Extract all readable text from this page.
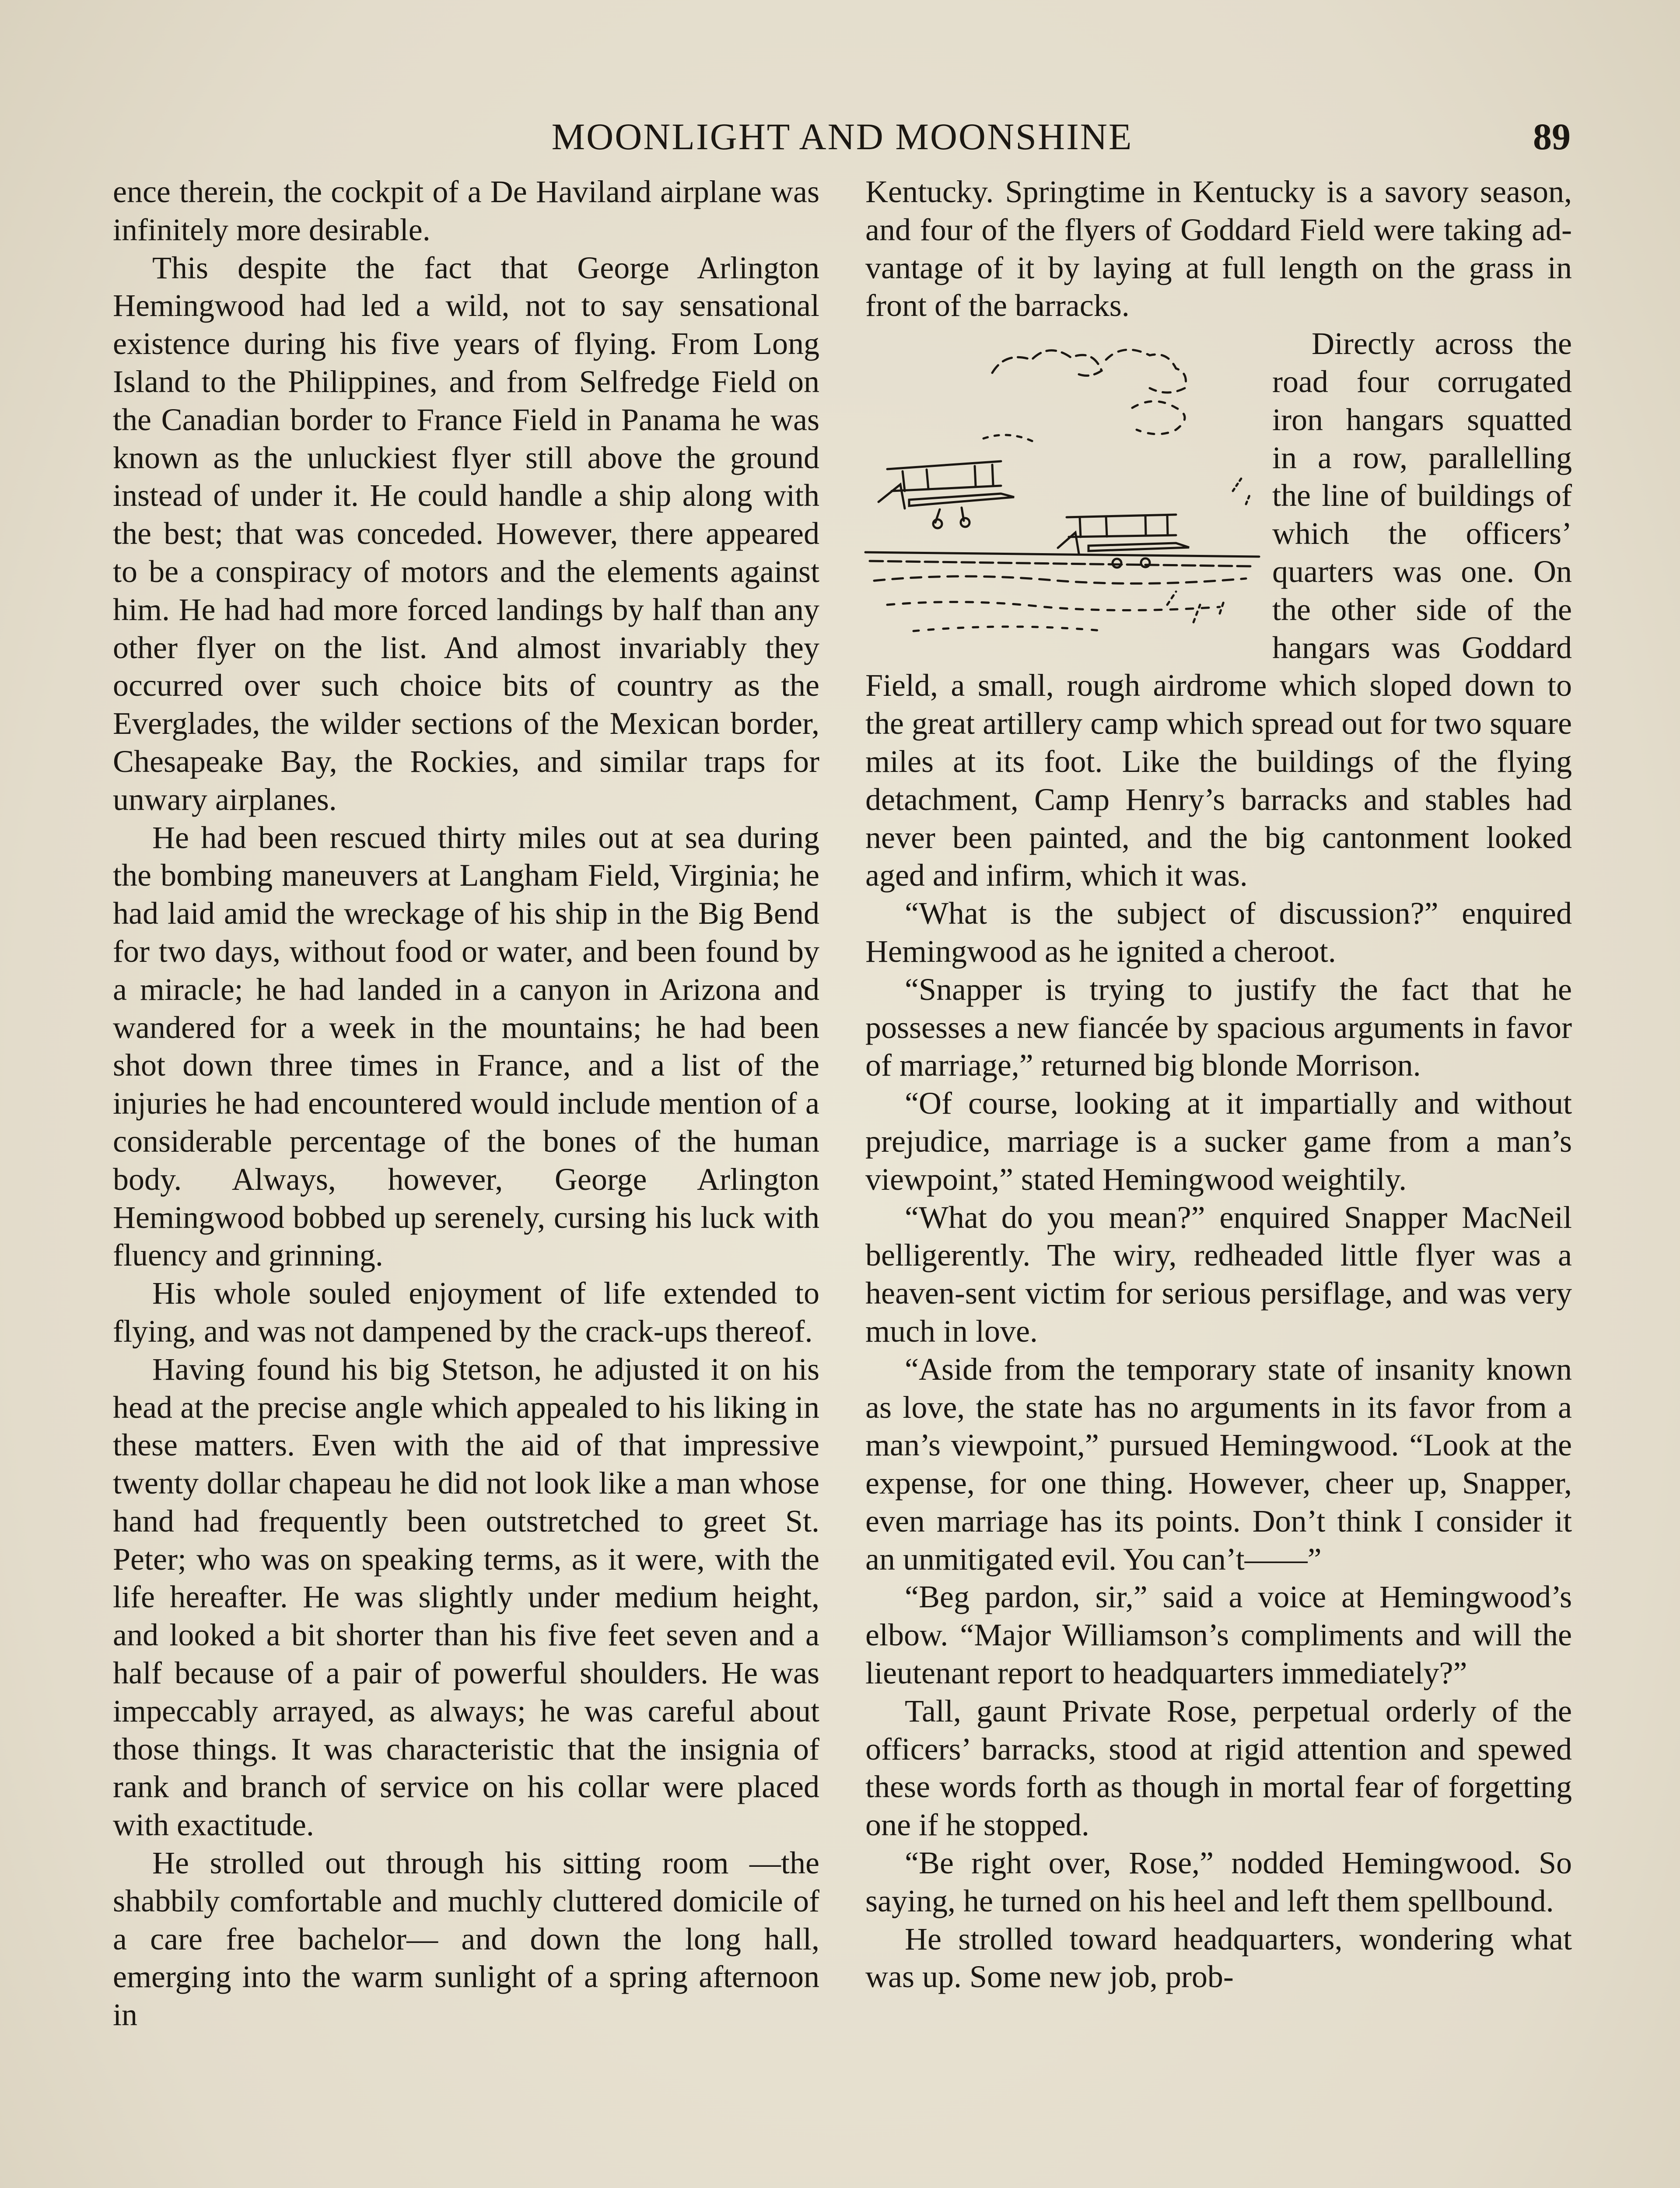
MOONLIGHT AND MOONSHINE	89

ence therein, the cockpit of a De Haviland airplane was infinitely more desirable.

This despite the fact that George Arlington Hemingwood had led a wild, not to say sensational existence during his five years of flying. From Long Island to the Philippines, and from Selfredge Field on the Canadian border to France Field in Panama he was known as the unluckiest flyer still above the ground instead of under it. He could handle a ship along with the best; that was conceded. However, there appeared to be a conspiracy of motors and the elements against him. He had had more forced landings by half than any other flyer on the list. And almost invariably they occurred over such choice bits of country as the Everglades, the wilder sections of the Mexican border, Chesapeake Bay, the Rockies, and similar traps for unwary airplanes.

He had been rescued thirty miles out at sea during the bombing maneuvers at Langham Field, Virginia; he had laid amid the wreckage of his ship in the Big Bend for two days, without food or water, and been found by a miracle; he had landed in a canyon in Arizona and wandered for a week in the mountains; he had been shot down three times in France, and a list of the injuries he had encountered would include mention of a considerable percentage of the bones of the human body. Always, however, George Arlington Hemingwood bobbed up serenely, cursing his luck with fluency and grinning.

His whole souled enjoyment of life extended to flying, and was not dampened by the crack-ups thereof.

Having found his big Stetson, he adjusted it on his head at the precise angle which appealed to his liking in these matters. Even with the aid of that impressive twenty dollar chapeau he did not look like a man whose hand had frequently been outstretched to greet St. Peter; who was on speaking terms, as it were, with the life hereafter. He was slightly under medium height, and looked a bit shorter than his five feet seven and a half because of a pair of powerful shoulders. He was impeccably arrayed, as always; he was careful about those things. It was characteristic that the insignia of rank and branch of service on his collar were placed with exactitude.

He strolled out through his sitting room —the shabbily comfortable and muchly cluttered domicile of a care free bachelor— and down the long hall, emerging into the warm sunlight of a spring afternoon in

Kentucky. Springtime in Kentucky is a savory season, and four of the flyers of Goddard Field were taking advantage of it by laying at full length on the grass in front of the barracks.

Directly across the road four corrugated iron hangars squatted in a row, parallelling the line of buildings of which the officers’ quarters was one. On the other side of the hangars was Goddard Field, a small, rough airdrome which sloped down to the great artillery camp which spread out for two square miles at its foot. Like the buildings of the flying detachment, Camp Henry’s barracks and stables had never been painted, and the big cantonment looked aged and infirm, which it was.

“What is the subject of discussion?” enquired Hemingwood as he ignited a cheroot.

“Snapper is trying to justify the fact that he possesses a new fiancée by spacious arguments in favor of marriage,” returned big blonde Morrison.

“Of course, looking at it impartially and without prejudice, marriage is a sucker game from a man’s viewpoint,” stated Hemingwood weightily.

“What do you mean?” enquired Snapper MacNeil belligerently. The wiry, redheaded little flyer was a heaven-sent victim for serious persiflage, and was very much in love.

“Aside from the temporary state of insanity known as love, the state has no arguments in its favor from a man’s viewpoint,” pursued Hemingwood. “Look at the expense, for one thing. However, cheer up, Snapper, even marriage has its points. Don’t think I consider it an unmitigated evil. You can’t——”

“Beg pardon, sir,” said a voice at Hemingwood’s elbow. “Major Williamson’s compliments and will the lieutenant report to headquarters immediately?”

Tall, gaunt Private Rose, perpetual orderly of the officers’ barracks, stood at rigid attention and spewed these words forth as though in mortal fear of forgetting one if he stopped.

“Be right over, Rose,” nodded Hemingwood. So saying, he turned on his heel and left them spellbound.

He strolled toward headquarters, wondering what was up. Some new job, prob-
